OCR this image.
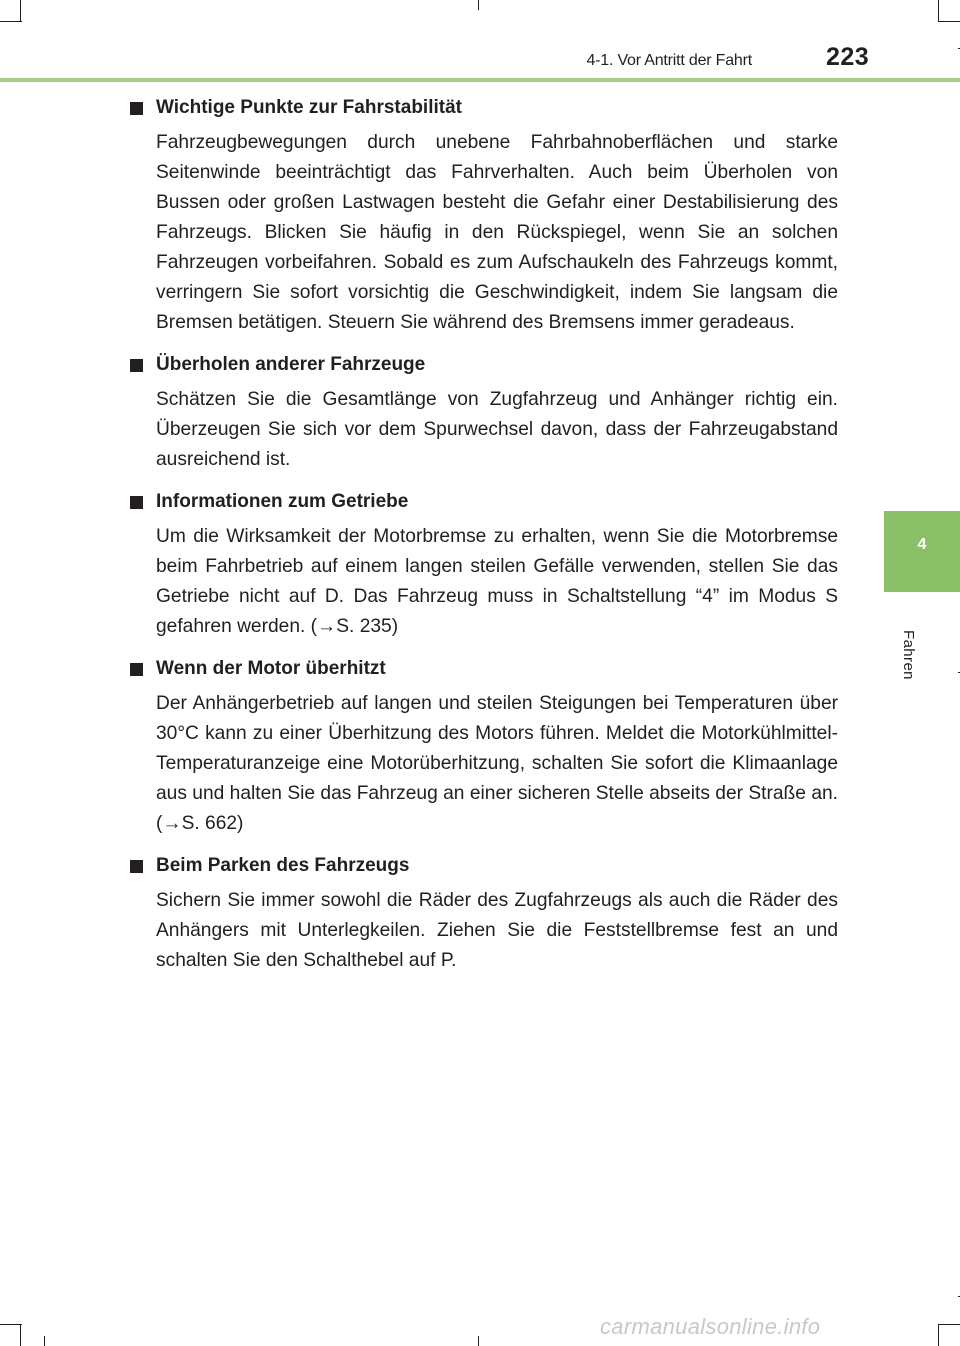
4-1. Vor Antritt der Fahrt	223
4
Fahren
Wichtige Punkte zur Fahrstabilität

Fahrzeugbewegungen durch unebene Fahrbahnoberflächen und starke Seitenwinde beeinträchtigt das Fahrverhalten. Auch beim Überholen von Bussen oder großen Lastwagen besteht die Gefahr einer Destabilisierung des Fahrzeugs. Blicken Sie häufig in den Rückspiegel, wenn Sie an solchen Fahrzeugen vorbeifahren. Sobald es zum Aufschaukeln des Fahrzeugs kommt, verringern Sie sofort vorsichtig die Geschwindigkeit, indem Sie langsam die Bremsen betätigen. Steuern Sie während des Bremsens immer geradeaus.

Überholen anderer Fahrzeuge

Schätzen Sie die Gesamtlänge von Zugfahrzeug und Anhänger richtig ein. Überzeugen Sie sich vor dem Spurwechsel davon, dass der Fahrzeugabstand ausreichend ist.

Informationen zum Getriebe

Um die Wirksamkeit der Motorbremse zu erhalten, wenn Sie die Motorbremse beim Fahrbetrieb auf einem langen steilen Gefälle verwenden, stellen Sie das Getriebe nicht auf D. Das Fahrzeug muss in Schaltstellung “4” im Modus S gefahren werden. (→S. 235)

Wenn der Motor überhitzt

Der Anhängerbetrieb auf langen und steilen Steigungen bei Temperaturen über 30°C kann zu einer Überhitzung des Motors führen. Meldet die Motorkühlmittel-Temperaturanzeige eine Motorüberhitzung, schalten Sie sofort die Klimaanlage aus und halten Sie das Fahrzeug an einer sicheren Stelle abseits der Straße an. (→S. 662)

Beim Parken des Fahrzeugs

Sichern Sie immer sowohl die Räder des Zugfahrzeugs als auch die Räder des Anhängers mit Unterlegkeilen. Ziehen Sie die Feststellbremse fest an und schalten Sie den Schalthebel auf P.

carmanualsonline.info
